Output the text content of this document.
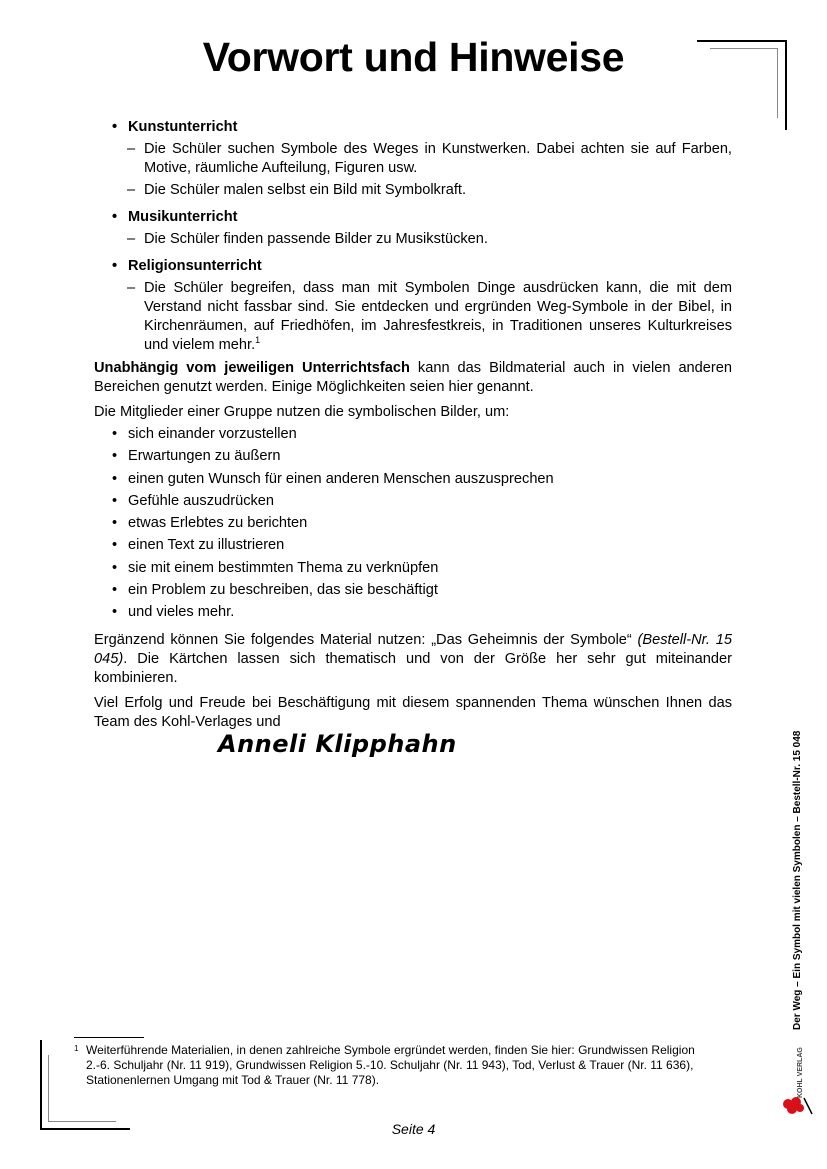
Vorwort und Hinweise
• Kunstunterricht
– Die Schüler suchen Symbole des Weges in Kunstwerken. Dabei achten sie auf Farben, Motive, räumliche Aufteilung, Figuren usw.
– Die Schüler malen selbst ein Bild mit Symbolkraft.
• Musikunterricht
– Die Schüler finden passende Bilder zu Musikstücken.
• Religionsunterricht
– Die Schüler begreifen, dass man mit Symbolen Dinge ausdrücken kann, die mit dem Verstand nicht fassbar sind. Sie entdecken und ergründen Weg-Symbole in der Bibel, in Kirchenräumen, auf Friedhöfen, im Jahresfestkreis, in Traditionen unseres Kulturkreises und vielem mehr.$^1$

Unabhängig vom jeweiligen Unterrichtsfach kann das Bildmaterial auch in vielen anderen Bereichen genutzt werden. Einige Möglichkeiten seien hier genannt.

Die Mitglieder einer Gruppe nutzen die symbolischen Bilder, um:

• sich einander vorzustellen
• Erwartungen zu äußern
• einen guten Wunsch für einen anderen Menschen auszusprechen
• Gefühle auszudrücken
• etwas Erlebtes zu berichten
• einen Text zu illustrieren
• sie mit einem bestimmten Thema zu verknüpfen
• ein Problem zu beschreiben, das sie beschäftigt
• und vieles mehr.

Ergänzend können Sie folgendes Material nutzen: „Das Geheimnis der Symbole“ (Bestell-Nr. 15 045). Die Kärtchen lassen sich thematisch und von der Größe her sehr gut miteinander kombinieren.

Viel Erfolg und Freude bei Beschäftigung mit diesem spannenden Thema wünschen Ihnen das Team des Kohl-Verlages und

Anneli Klipphahn
1 Weiterführende Materialien, in denen zahlreiche Symbole ergründet werden, finden Sie hier: Grundwissen Religion 2.-6. Schuljahr (Nr. 11 919), Grundwissen Religion 5.-10. Schuljahr (Nr. 11 943), Tod, Verlust & Trauer (Nr. 11 636), Stationenlernen Umgang mit Tod & Trauer (Nr. 11 778).
Seite 4
Der Weg – Ein Symbol mit vielen Symbolen – Bestell-Nr. 15 048
KOHL VERLAG
